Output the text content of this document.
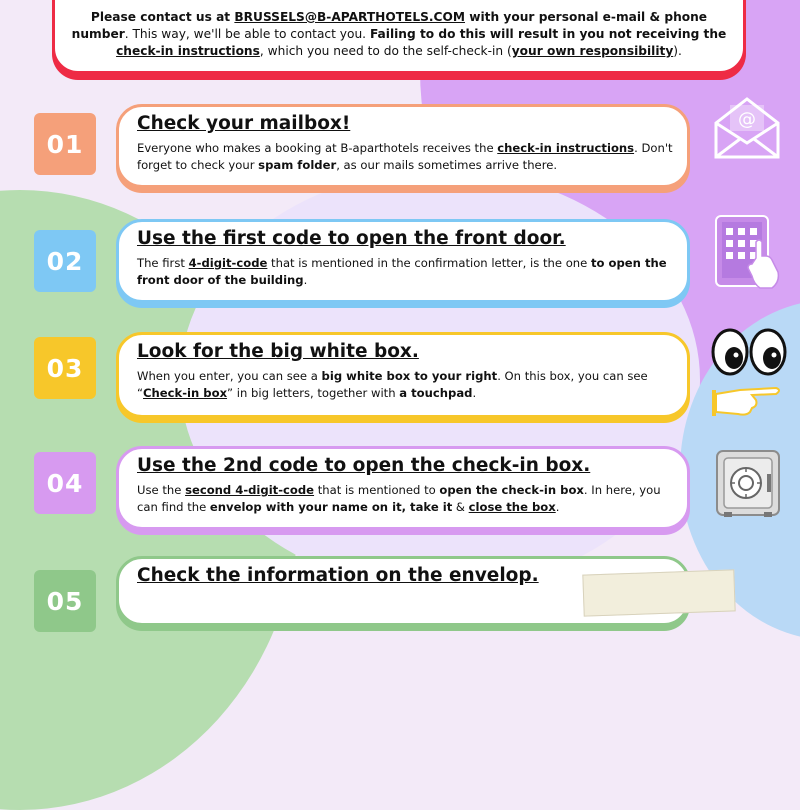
Please contact us at BRUSSELS@B-APARTHOTELS.COM with your personal e-mail & phone number. This way, we'll be able to contact you. Failing to do this will result in you not receiving the
check-in instructions, which you need to do the self-check-in (your own responsibility).
01
Check your mailbox!
Everyone who makes a booking at B-aparthotels receives the check-in instructions. Don't forget to check your spam folder, as our mails sometimes arrive there.
@
02
Use the first code to open the front door.
The first 4-digit-code that is mentioned in the confirmation letter, is the one to open the front door of the building.
03
Look for the big white box.
When you enter, you can see a big white box to your right. On this box, you can see “Check-in box” in big letters, together with a touchpad.
04
Use the 2nd code to open the check-in box.
Use the second 4-digit-code that is mentioned to open the check-in box. In here, you can find the envelop with your name on it, take it & close the box.
05
Check the information on the envelop.
